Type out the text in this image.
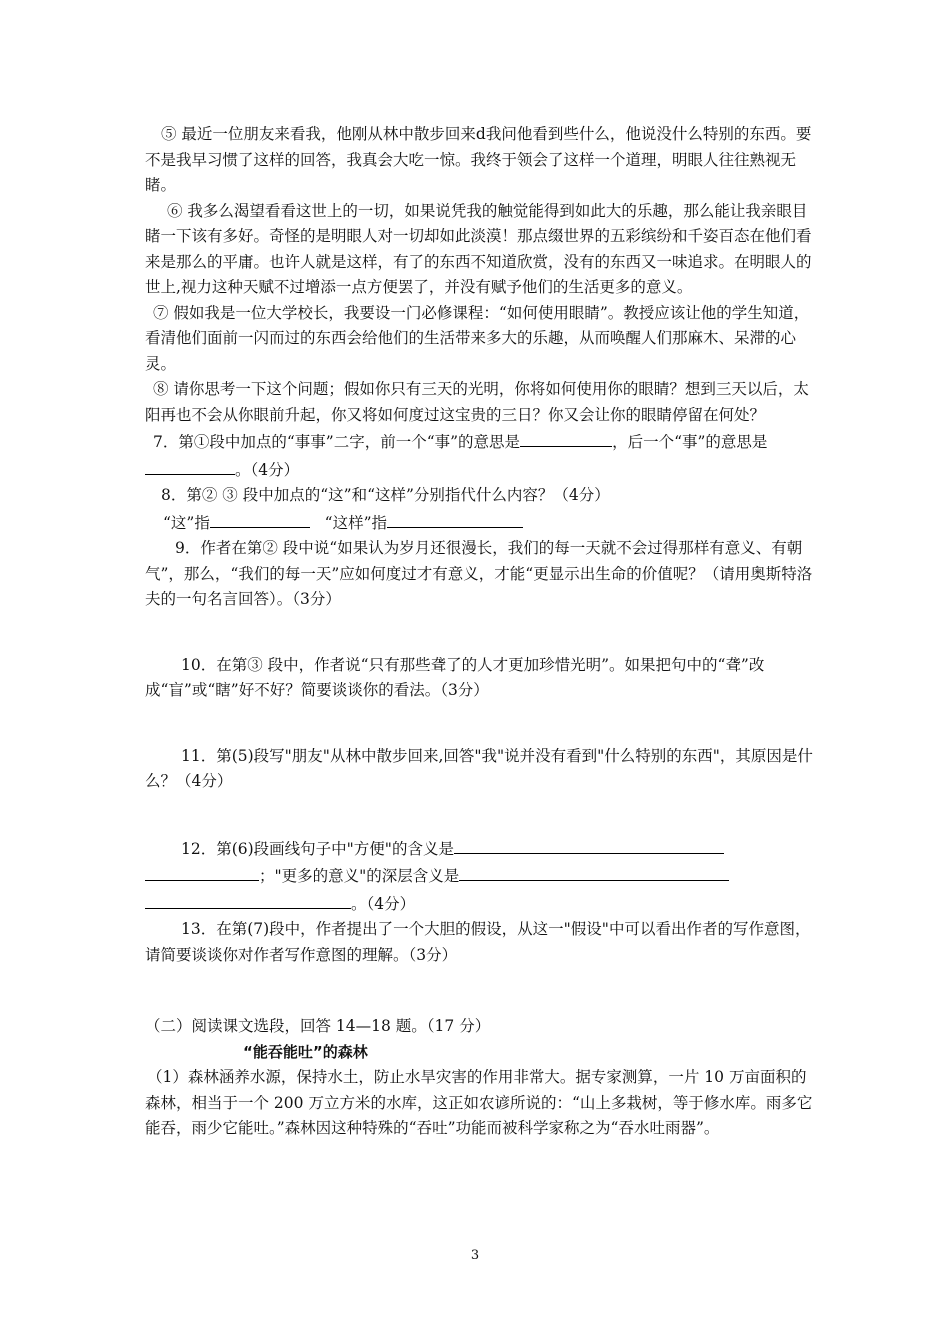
⑤ 最近一位朋友来看我，他刚从林中散步回来d我问他看到些什么，他说没什么特别的东西。要不是我早习惯了这样的回答，我真会大吃一惊。我终于领会了这样一个道理，明眼人往往熟视无睹。

⑥ 我多么渴望看看这世上的一切，如果说凭我的触觉能得到如此大的乐趣，那么能让我亲眼目睹一下该有多好。奇怪的是明眼人对一切却如此淡漠！那点缀世界的五彩缤纷和千姿百态在他们看来是那么的平庸。也许人就是这样，有了的东西不知道欣赏，没有的东西又一味追求。在明眼人的世上,视力这种天赋不过增添一点方便罢了，并没有赋予他们的生活更多的意义。

⑦ 假如我是一位大学校长，我要设一门必修课程：“如何使用眼睛”。教授应该让他的学生知道，看清他们面前一闪而过的东西会给他们的生活带来多大的乐趣，从而唤醒人们那麻木、呆滞的心灵。

⑧ 请你思考一下这个问题；假如你只有三天的光明，你将如何使用你的眼睛？想到三天以后，太阳再也不会从你眼前升起，你又将如何度过这宝贵的三日？你又会让你的眼睛停留在何处？

7．第①段中加点的“事事”二字，前一个“事”的意思是	，后一个“事”的意思是。（4分）

8．第② ③ 段中加点的“这”和“这样”分别指代什么内容？（4分）

“这”指	“这样”指

9．作者在第② 段中说“如果认为岁月还很漫长，我们的每一天就不会过得那样有意义、有朝气”，那么，“我们的每一天”应如何度过才有意义，才能“更显示出生命的价值呢？（请用奥斯特洛夫的一句名言回答）。（3分）

10．在第③ 段中，作者说“只有那些聋了的人才更加珍惜光明”。如果把句中的“聋”改成“盲”或“瞎”好不好？简要谈谈你的看法。（3分）

11．第(5)段写"朋友"从林中散步回来,回答"我"说并没有看到"什么特别的东西"，其原因是什么？（4分）

12．第(6)段画线句子中"方便"的含义是

；"更多的意义"的深层含义是

。（4分）

13．在第(7)段中，作者提出了一个大胆的假设，从这一"假设"中可以看出作者的写作意图，请简要谈谈你对作者写作意图的理解。（3分）

（二）阅读课文选段，回答 14—18 题。（17 分）

“能吞能吐”的森林

（1）森林涵养水源，保持水土，防止水旱灾害的作用非常大。据专家测算，一片 10 万亩面积的森林，相当于一个 200 万立方米的水库，这正如农谚所说的：“山上多栽树，等于修水库。雨多它能吞，雨少它能吐。”森林因这种特殊的“吞吐”功能而被科学家称之为“吞水吐雨器”。

3
